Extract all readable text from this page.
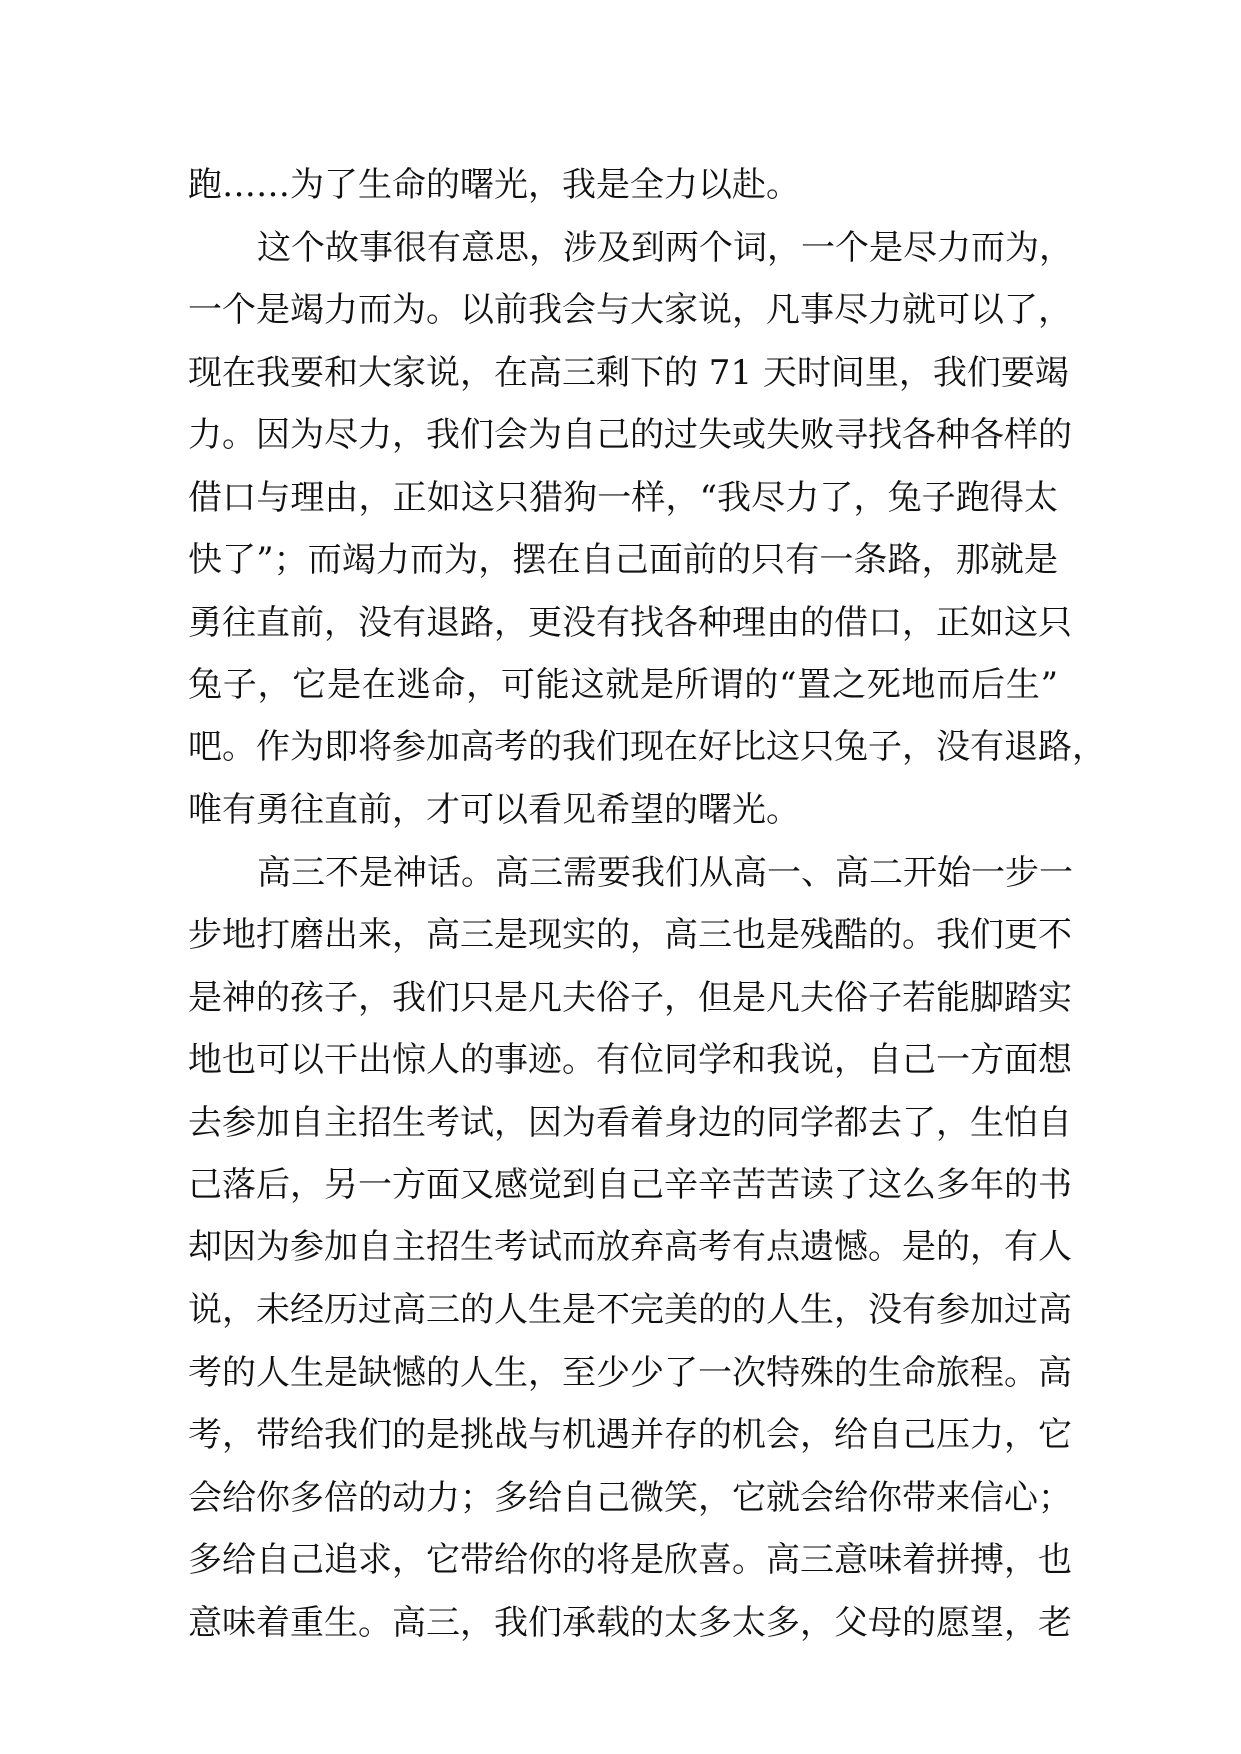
跑……为了生命的曙光，我是全力以赴。
这个故事很有意思，涉及到两个词，一个是尽力而为，
一个是竭力而为。以前我会与大家说，凡事尽力就可以了，
现在我要和大家说，在高三剩下的 71 天时间里，我们要竭
力。因为尽力，我们会为自己的过失或失败寻找各种各样的
借口与理由，正如这只猎狗一样，“我尽力了，兔子跑得太
快了”；而竭力而为，摆在自己面前的只有一条路，那就是
勇往直前，没有退路，更没有找各种理由的借口，正如这只
兔子，它是在逃命，可能这就是所谓的“置之死地而后生”
吧。作为即将参加高考的我们现在好比这只兔子，没有退路，
唯有勇往直前，才可以看见希望的曙光。
高三不是神话。高三需要我们从高一、高二开始一步一
步地打磨出来，高三是现实的，高三也是残酷的。我们更不
是神的孩子，我们只是凡夫俗子，但是凡夫俗子若能脚踏实
地也可以干出惊人的事迹。有位同学和我说，自己一方面想
去参加自主招生考试，因为看着身边的同学都去了，生怕自
己落后，另一方面又感觉到自己辛辛苦苦读了这么多年的书
却因为参加自主招生考试而放弃高考有点遗憾。是的，有人
说，未经历过高三的人生是不完美的的人生，没有参加过高
考的人生是缺憾的人生，至少少了一次特殊的生命旅程。高
考，带给我们的是挑战与机遇并存的机会，给自己压力，它
会给你多倍的动力；多给自己微笑，它就会给你带来信心；
多给自己追求，它带给你的将是欣喜。高三意味着拼搏，也
意味着重生。高三，我们承载的太多太多，父母的愿望，老
